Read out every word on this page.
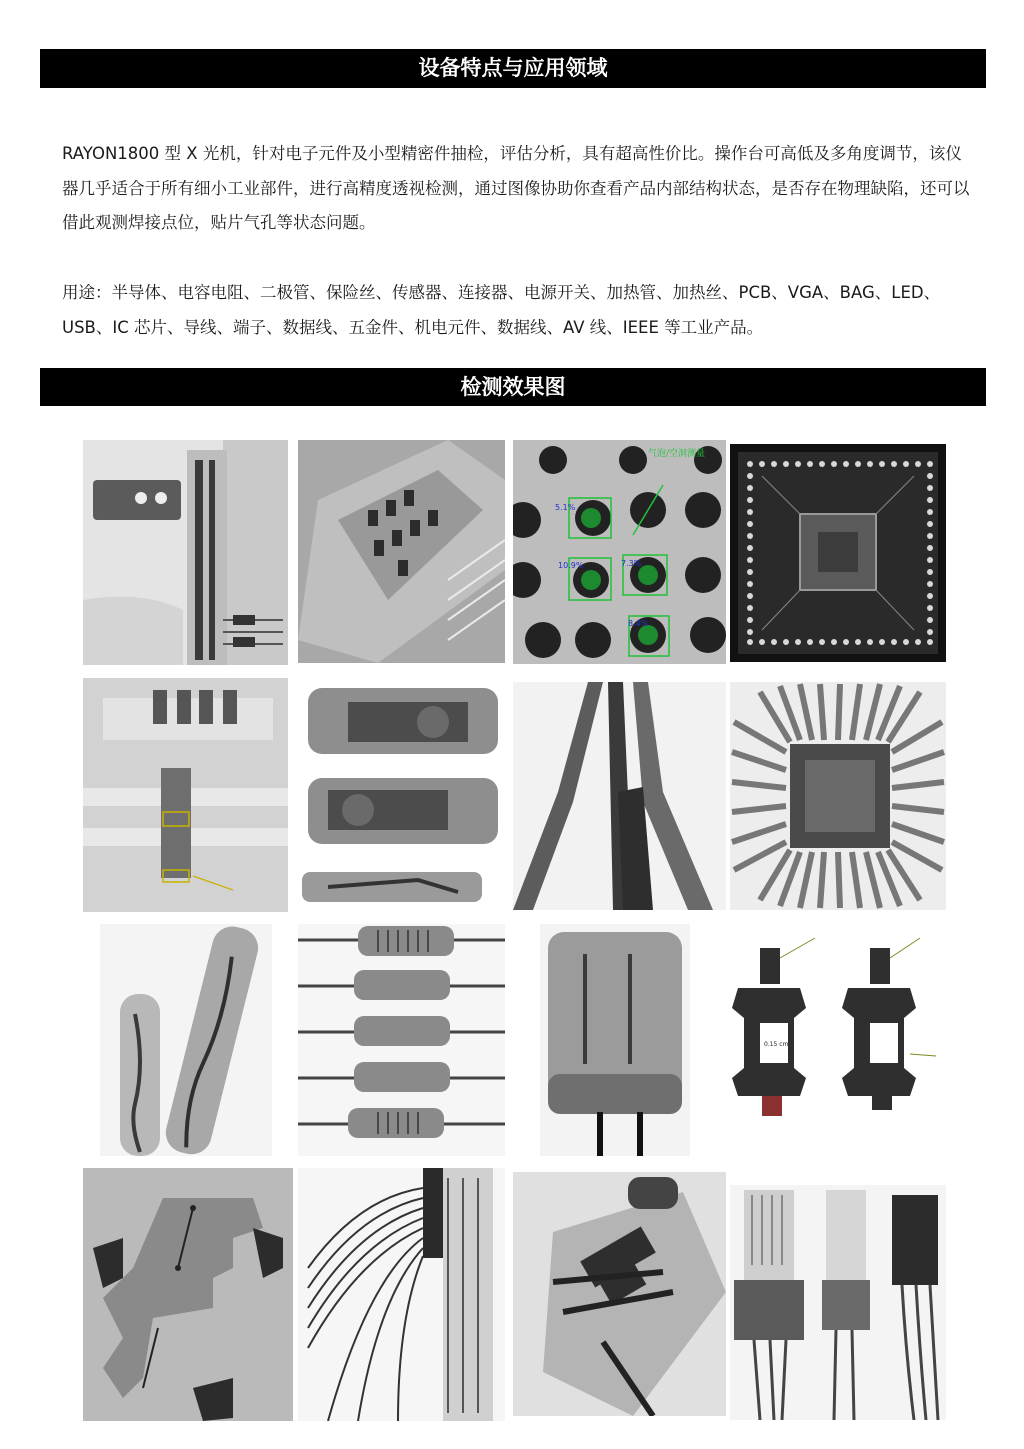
设备特点与应用领域
RAYON1800 型 X 光机，针对电子元件及小型精密件抽检，评估分析，具有超高性价比。操作台可高低及多角度调节，该仪器几乎适合于所有细小工业部件，进行高精度透视检测，通过图像协助你查看产品内部结构状态，是否存在物理缺陷，还可以借此观测焊接点位，贴片气孔等状态问题。
用途：半导体、电容电阻、二极管、保险丝、传感器、连接器、电源开关、加热管、加热丝、PCB、VGA、BAG、LED、USB、IC 芯片、导线、端子、数据线、五金件、机电元件、数据线、AV 线、IEEE 等工业产品。
检测效果图
5.1%
10.9%	7.3%
8.4%
气泡/空洞测量
0.15 cm
